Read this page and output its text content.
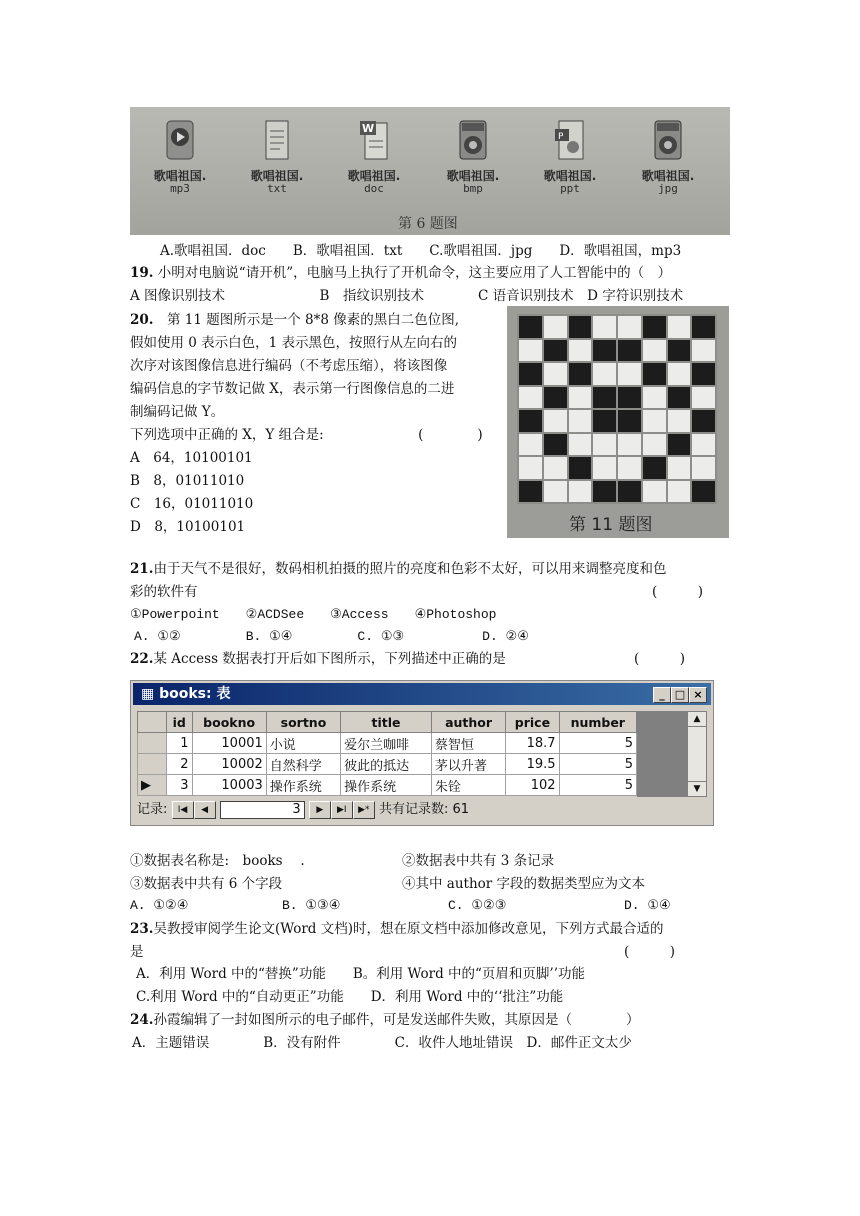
歌唱祖国.
mp3
歌唱祖国.
txt
W
歌唱祖国.
doc
歌唱祖国.
bmp
P
歌唱祖国.
ppt
歌唱祖国.
jpg
第 6 题图
A.歌唱祖国．doc　　B．歌唱祖国．txt　　C.歌唱祖国．jpg　　D．歌唱祖国，mp3
19. 小明对电脑说“请开机”，电脑马上执行了开机命令，这主要应用了人工智能中的（　）
A 图像识别技术　　　　　　　B　指纹识别技术　　　　C 语音识别技术　D 字符识别技术
20.　第 11 题图所示是一个 8*8 像素的黑白二色位图,
假如使用 0 表示白色，1 表示黑色，按照行从左向右的
次序对该图像信息进行编码（不考虑压缩），将该图像
编码信息的字节数记做 X，表示第一行图像信息的二进
制编码记做 Y。
下列选项中正确的 X，Y 组合是:　　　　　　　(　　　　)
A　64，10100101
B　8，01011010
C　16，01011010
D　8，10100101	第 11 题图
21.由于天气不是很好，数码相机拍摄的照片的亮度和色彩不太好，可以用来调整亮度和色
彩的软件有	(　　　)
①Powerpoint　　②ACDSee　　③Access　　④Photoshop
A. ①②　　　　　B. ①④　　　　　C. ①③　　　　　　D. ②④
22.某 Access 数据表打开后如下图所示，下列描述中正确的是	(　　　)
▦ books: 表	_ □ ×
	id	bookno	sortno	title	author	price	number
	1	10001	小说	爱尔兰咖啡	蔡智恒	18.7	5
	2	10002	自然科学	彼此的抵达	茅以升著	19.5	5
▶	3	10003	操作系统	操作系统	朱铨	102	5
▲
▼
记录: I◀ ◀	3 ▶ ▶I ▶* 共有记录数: 61
①数据表名称是:　books　 .	②数据表中共有 3 条记录
③数据表中共有 6 个字段	④其中 author 字段的数据类型应为文本
A. ①②④	B. ①③④	C. ①②③	D. ①④
23.吴教授审阅学生论文(Word 文档)时，想在原文档中添加修改意见，下列方式最合适的
是	(　　　)
A．利用 Word 中的“替换”功能　　B。利用 Word 中的“页眉和页脚’’功能
C.利用 Word 中的“自动更正”功能　　D．利用 Word 中的‘‘批注”功能
24.孙霞编辑了一封如图所示的电子邮件，可是发送邮件失败，其原因是（　　　　）
A．主题错误　　　　B．没有附件　　　　C．收件人地址错误　D．邮件正文太少
